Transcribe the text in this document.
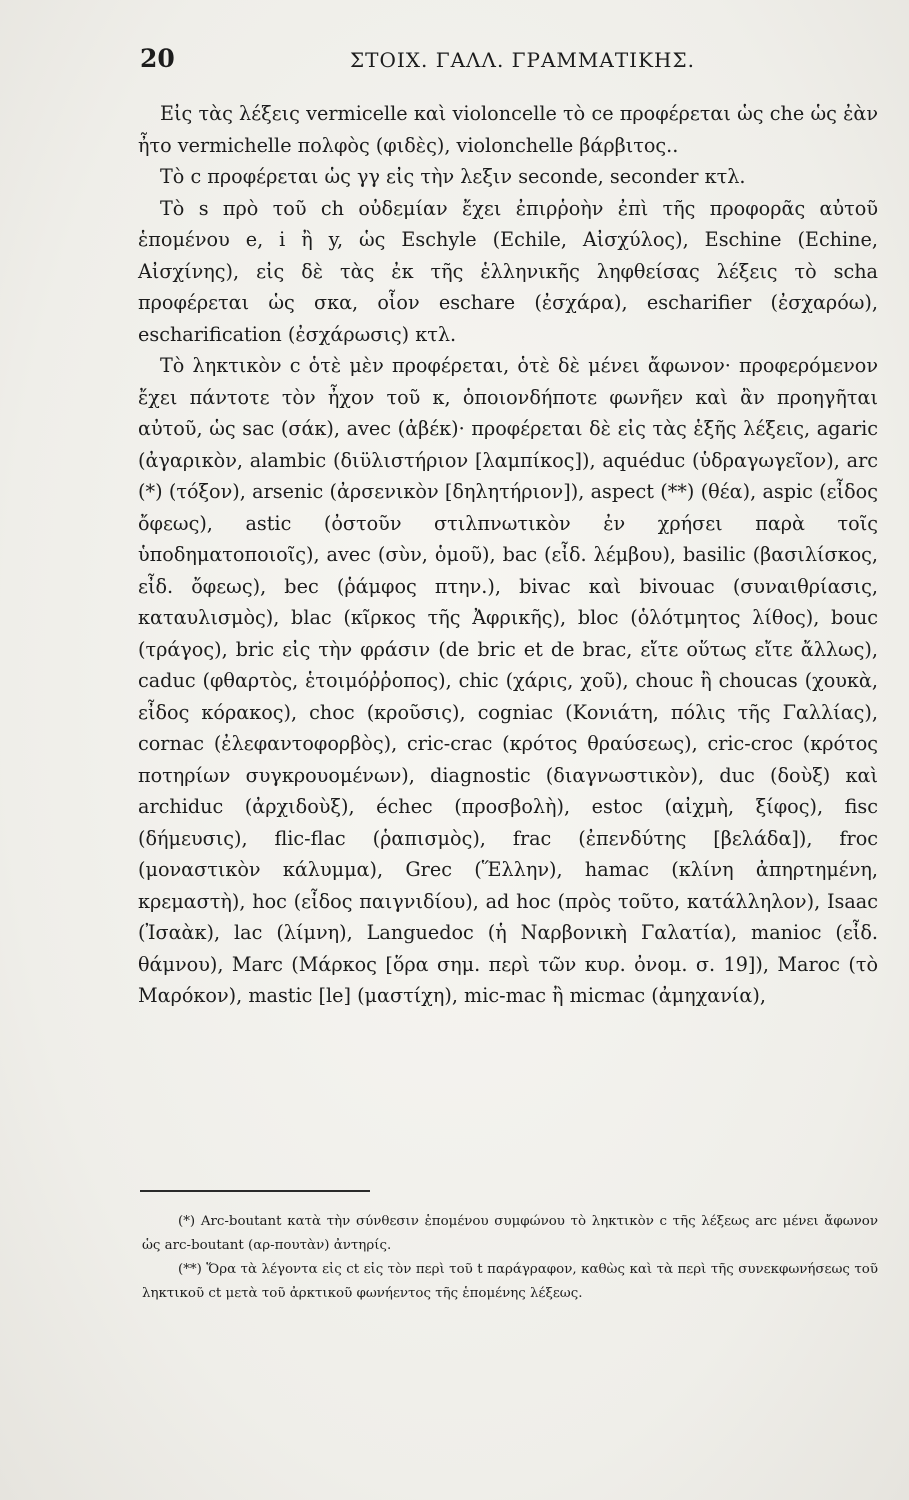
20	ΣΤΟΙΧ. ΓΑΛΛ. ΓΡΑΜΜΑΤΙΚΗΣ.

Εἰς τὰς λέξεις vermicelle καὶ violoncelle τὸ ce προφέρεται ὡς che ὡς ἐὰν ἦτο vermichelle πολφὸς (φιδὲς), violonchelle βάρβιτος..

Τὸ c προφέρεται ὡς γγ εἰς τὴν λεξιν seconde, seconder κτλ.

Τὸ s πρὸ τοῦ ch οὐδεμίαν ἔχει ἐπιρῥοὴν ἐπὶ τῆς προφορᾶς αὐτοῦ ἑπομένου e, i ἢ y, ὡς Eschyle (Echile, Αἰσχύλος), Eschine (Echine, Αἰσχίνης), εἰς δὲ τὰς ἐκ τῆς ἑλληνικῆς ληφθείσας λέξεις τὸ scha προφέρεται ὡς σκα, οἷον eschare (ἐσχάρα), escharifier (ἐσχαρόω), escharification (ἐσχάρωσις) κτλ.

Τὸ ληκτικὸν c ὁτὲ μὲν προφέρεται, ὁτὲ δὲ μένει ἄφωνον· προφερόμενον ἔχει πάντοτε τὸν ἦχον τοῦ κ, ὁποιονδήποτε φωνῆεν καὶ ἂν προηγῆται αὐτοῦ, ὡς sac (σάκ), avec (ἀβέκ)· προφέρεται δὲ εἰς τὰς ἑξῆς λέξεις, agaric (ἀγαρικὸν, alambic (διϋλιστήριον [λαμπίκος]), aquéduc (ὑδραγωγεῖον), arc (*) (τόξον), arsenic (ἀρσενικὸν [δηλητήριον]), aspect (**) (θέα), aspic (εἶδος ὄφεως), astic (ὀστοῦν στιλπνωτικὸν ἐν χρήσει παρὰ τοῖς ὑποδηματοποιοῖς), avec (σὺν, ὁμοῦ), bac (εἶδ. λέμβου), basilic (βασιλίσκος, εἶδ. ὄφεως), bec (ῥάμφος πτην.), bivac καὶ bivouac (συναιθρίασις, καταυλισμὸς), blac (κῖρκος τῆς Ἀφρικῆς), bloc (ὁλότμητος λίθος), bouc (τράγος), bric εἰς τὴν φράσιν (de bric et de brac, εἴτε οὕτως εἴτε ἄλλως), caduc (φθαρτὸς, ἑτοιμόῤῥοπος), chic (χάρις, χοῦ), chouc ἢ choucas (χουκὰ, εἶδος κόρακος), choc (κροῦσις), cogniac (Κονιάτη, πόλις τῆς Γαλλίας), cornac (ἐλεφαντοφορβὸς), cric-crac (κρότος θραύσεως), cric-croc (κρότος ποτηρίων συγκρουομένων), diagnostic (διαγνωστικὸν), duc (δοὺξ) καὶ archiduc (ἀρχιδοὺξ), échec (προσβολὴ), estoc (αἰχμὴ, ξίφος), fisc (δήμευσις), flic-flac (ῥαπισμὸς), frac (ἐπενδύτης [βελάδα]), froc (μοναστικὸν κάλυμμα), Grec (Ἕλλην), hamac (κλίνη ἀπηρτημένη, κρεμαστὴ), hoc (εἶδος παιγνιδίου), ad hoc (πρὸς τοῦτο, κατάλληλον), Isaac (Ἰσαὰκ), lac (λίμνη), Languedoc (ἡ Ναρβονικὴ Γαλατία), manioc (εἶδ. θάμνου), Marc (Μάρκος [ὅρα σημ. περὶ τῶν κυρ. ὀνομ. σ. 19]), Maroc (τὸ Μαρόκον), mastic [le] (μαστίχη), mic-mac ἢ micmac (ἀμηχανία),

(*) Arc-boutant κατὰ τὴν σύνθεσιν ἑπομένου συμφώνου τὸ ληκτικὸν c τῆς λέξεως arc μένει ἄφωνον ὡς arc-boutant (αρ-πουτὰν) ἀντηρίς.

(**) Ὅρα τὰ λέγοντα εἰς ct εἰς τὸν περὶ τοῦ t παράγραφον, καθὼς καὶ τὰ περὶ τῆς συνεκφωνήσεως τοῦ ληκτικοῦ ct μετὰ τοῦ ἀρκτικοῦ φωνήεντος τῆς ἑπομένης λέξεως.
